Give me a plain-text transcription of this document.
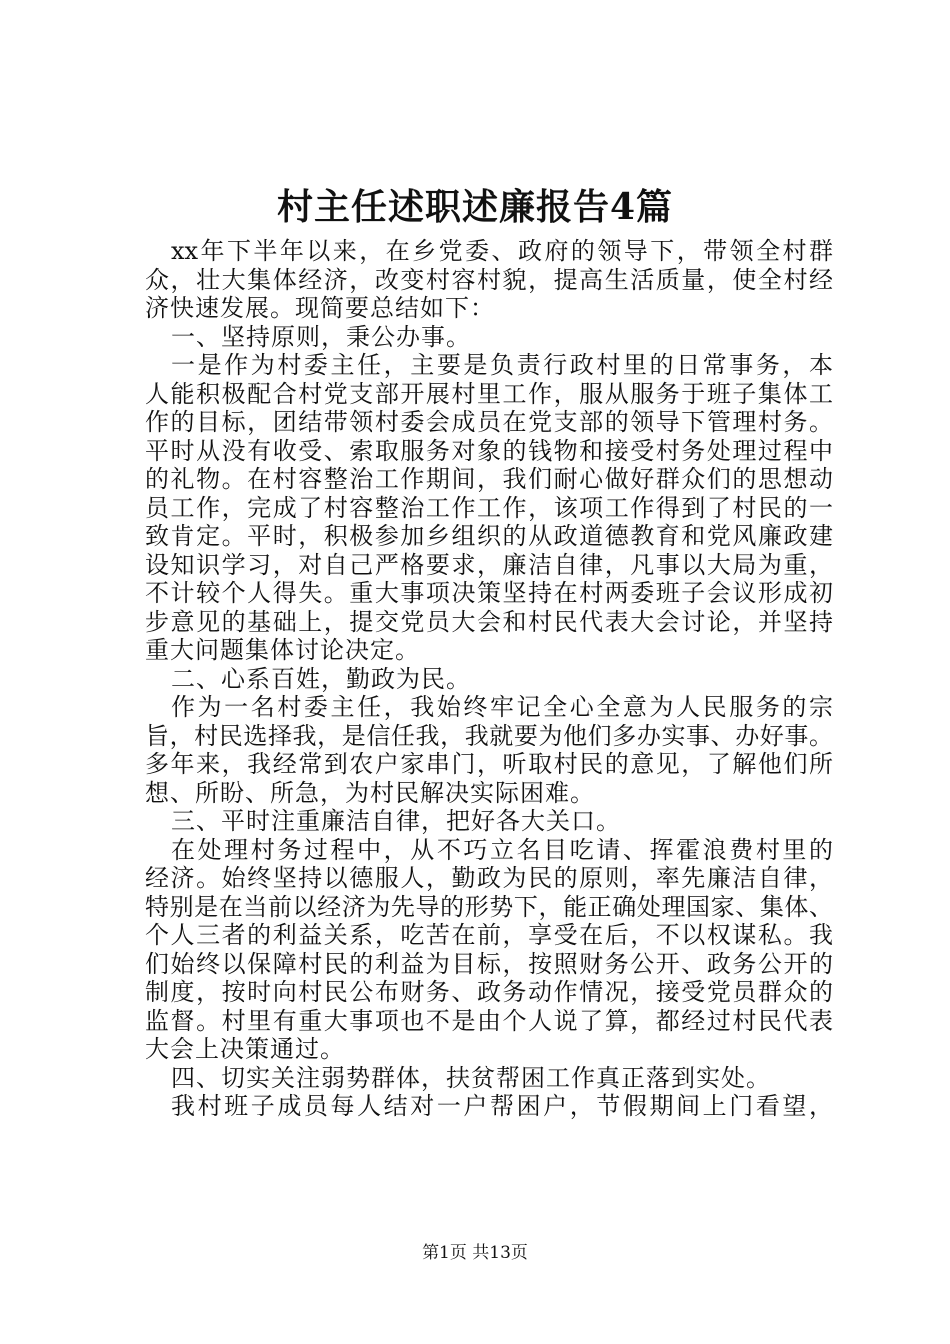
村主任述职述廉报告4篇
xx年下半年以来，在乡党委、政府的领导下，带领全村群
众，壮大集体经济，改变村容村貌，提高生活质量，使全村经
济快速发展。现简要总结如下：
一、坚持原则，秉公办事。
一是作为村委主任，主要是负责行政村里的日常事务，本
人能积极配合村党支部开展村里工作，服从服务于班子集体工
作的目标，团结带领村委会成员在党支部的领导下管理村务。
平时从没有收受、索取服务对象的钱物和接受村务处理过程中
的礼物。在村容整治工作期间，我们耐心做好群众们的思想动
员工作，完成了村容整治工作工作，该项工作得到了村民的一
致肯定。平时，积极参加乡组织的从政道德教育和党风廉政建
设知识学习，对自己严格要求，廉洁自律，凡事以大局为重，
不计较个人得失。重大事项决策坚持在村两委班子会议形成初
步意见的基础上，提交党员大会和村民代表大会讨论，并坚持
重大问题集体讨论决定。
二、心系百姓，勤政为民。
作为一名村委主任，我始终牢记全心全意为人民服务的宗
旨，村民选择我，是信任我，我就要为他们多办实事、办好事。
多年来，我经常到农户家串门，听取村民的意见，了解他们所
想、所盼、所急，为村民解决实际困难。
三、平时注重廉洁自律，把好各大关口。
在处理村务过程中，从不巧立名目吃请、挥霍浪费村里的
经济。始终坚持以德服人，勤政为民的原则，率先廉洁自律，
特别是在当前以经济为先导的形势下，能正确处理国家、集体、
个人三者的利益关系，吃苦在前，享受在后，不以权谋私。我
们始终以保障村民的利益为目标，按照财务公开、政务公开的
制度，按时向村民公布财务、政务动作情况，接受党员群众的
监督。村里有重大事项也不是由个人说了算，都经过村民代表
大会上决策通过。
四、切实关注弱势群体，扶贫帮困工作真正落到实处。
我村班子成员每人结对一户帮困户，节假期间上门看望，
第1页 共13页
